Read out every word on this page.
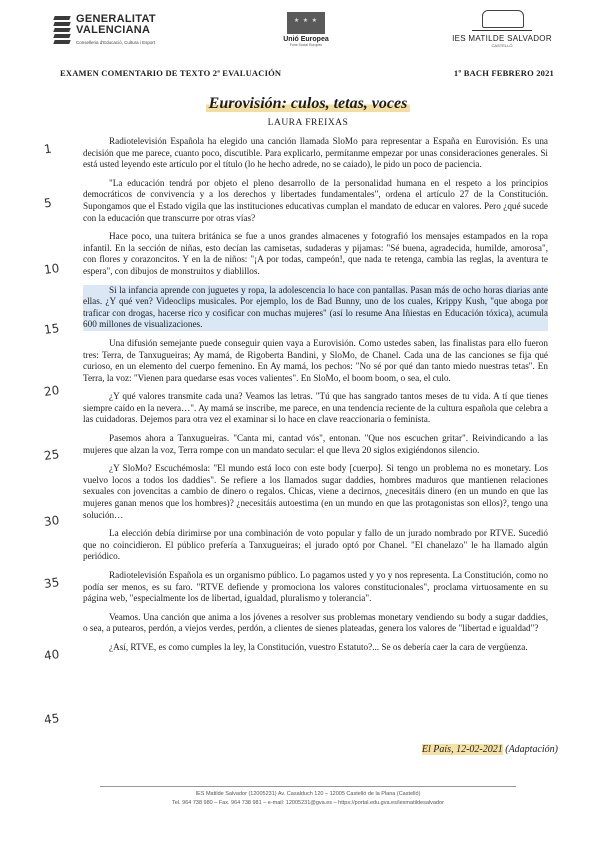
GENERALITAT
VALENCIANA
Conselleria d'Educació, Cultura i Esport
★ ★ ★	Unió Europea
Fons Social Europeu
IES MATILDE SALVADOR
CASTELLÓ
EXAMEN COMENTARIO DE TEXTO 2ª EVALUACIÓN	1º BACH FEBRERO 2021
Eurovisión: culos, tetas, voces
LAURA FREIXAS
1
5
10
15
20
25
30
35
40
45

Radiotelevisión Española ha elegido una canción llamada SloMo para representar a España en Eurovisión. Es una decisión que me parece, cuanto poco, discutible. Para explicarlo, permítanme empezar por unas consideraciones generales. Si está usted leyendo este artículo por el título (lo he hecho adrede, no se caiado), le pido un poco de paciencia.

"La educación tendrá por objeto el pleno desarrollo de la personalidad humana en el respeto a los principios democráticos de convivencia y a los derechos y libertades fundamentales", ordena el artículo 27 de la Constitución. Supongamos que el Estado vigila que las instituciones educativas cumplan el mandato de educar en valores. Pero ¿qué sucede con la educación que transcurre por otras vías?

Hace poco, una tuitera británica se fue a unos grandes almacenes y fotografió los mensajes estampados en la ropa infantil. En la sección de niñas, esto decían las camisetas, sudaderas y pijamas: "Sé buena, agradecida, humilde, amorosa", con flores y corazoncitos. Y en la de niños: "¡A por todas, campeón!, que nada te retenga, cambia las reglas, la aventura te espera", con dibujos de monstruitos y diablillos.

Si la infancia aprende con juguetes y ropa, la adolescencia lo hace con pantallas. Pasan más de ocho horas diarias ante ellas. ¿Y qué ven? Videoclips musicales. Por ejemplo, los de Bad Bunny, uno de los cuales, Krippy Kush, "que aboga por traficar con drogas, hacerse rico y cosificar con muchas mujeres" (así lo resume Ana Iñiestas en Educación tóxica), acumula 600 millones de visualizaciones.

Una difusión semejante puede conseguir quien vaya a Eurovisión. Como ustedes saben, las finalistas para ello fueron tres: Terra, de Tanxugueiras; Ay mamá, de Rigoberta Bandini, y SloMo, de Chanel. Cada una de las canciones se fija qué curioso, en un elemento del cuerpo femenino. En Ay mamá, los pechos: "No sé por qué dan tanto miedo nuestras tetas". En Terra, la voz: "Vienen para quedarse esas voces valientes". En SloMo, el boom boom, o sea, el culo.

¿Y qué valores transmite cada una? Veamos las letras. "Tú que has sangrado tantos meses de tu vida. A tí que tienes siempre caído en la nevera…". Ay mamá se inscribe, me parece, en una tendencia reciente de la cultura española que celebra a las cuidadoras. Dejemos para otra vez el examinar si lo hace en clave reaccionaria o feminista.

Pasemos ahora a Tanxugueiras. "Canta mi, cantad vós", entonan. "Que nos escuchen gritar". Reivindicando a las mujeres que alzan la voz, Terra rompe con un mandato secular: el que lleva 20 siglos exigiéndonos silencio.

¿Y SloMo? Escuchémosla: "El mundo está loco con este body [cuerpo]. Si tengo un problema no es monetary. Los vuelvo locos a todos los daddies". Se refiere a los llamados sugar daddies, hombres maduros que mantienen relaciones sexuales con jovencitas a cambio de dinero o regalos. Chicas, viene a decirnos, ¿necesitáis dinero (en un mundo en que las mujeres ganan menos que los hombres)? ¿necesitáis autoestima (en un mundo en que las protagonistas son ellos)?, tengo una solución…

La elección debía dirimirse por una combinación de voto popular y fallo de un jurado nombrado por RTVE. Sucedió que no coincidieron. El público prefería a Tanxugueiras; el jurado optó por Chanel. "El chanelazo" le ha llamado algún periódico.

Radiotelevisión Española es un organismo público. Lo pagamos usted y yo y nos representa. La Constitución, como no podía ser menos, es su faro. "RTVE defiende y promociona los valores constitucionales", proclama virtuosamente en su página web, "especialmente los de libertad, igualdad, pluralismo y tolerancia".

Veamos. Una canción que anima a los jóvenes a resolver sus problemas monetary vendiendo su body a sugar daddies, o sea, a putearos, perdón, a viejos verdes, perdón, a clientes de sienes plateadas, genera los valores de "libertad e igualdad"?

¿Así, RTVE, es como cumples la ley, la Constitución, vuestro Estatuto?... Se os debería caer la cara de vergüenza.

El País, 12-02-2021 (Adaptación)
IES Matilde Salvador (12005231) Av. Casalduch 120 – 12005 Castelló de la Plana (Castelló)
Tel. 964 738 980 – Fax. 964 738 981 – e-mail: 12005231@gva.es – https://portal.edu.gva.es/iesmatildesalvador
